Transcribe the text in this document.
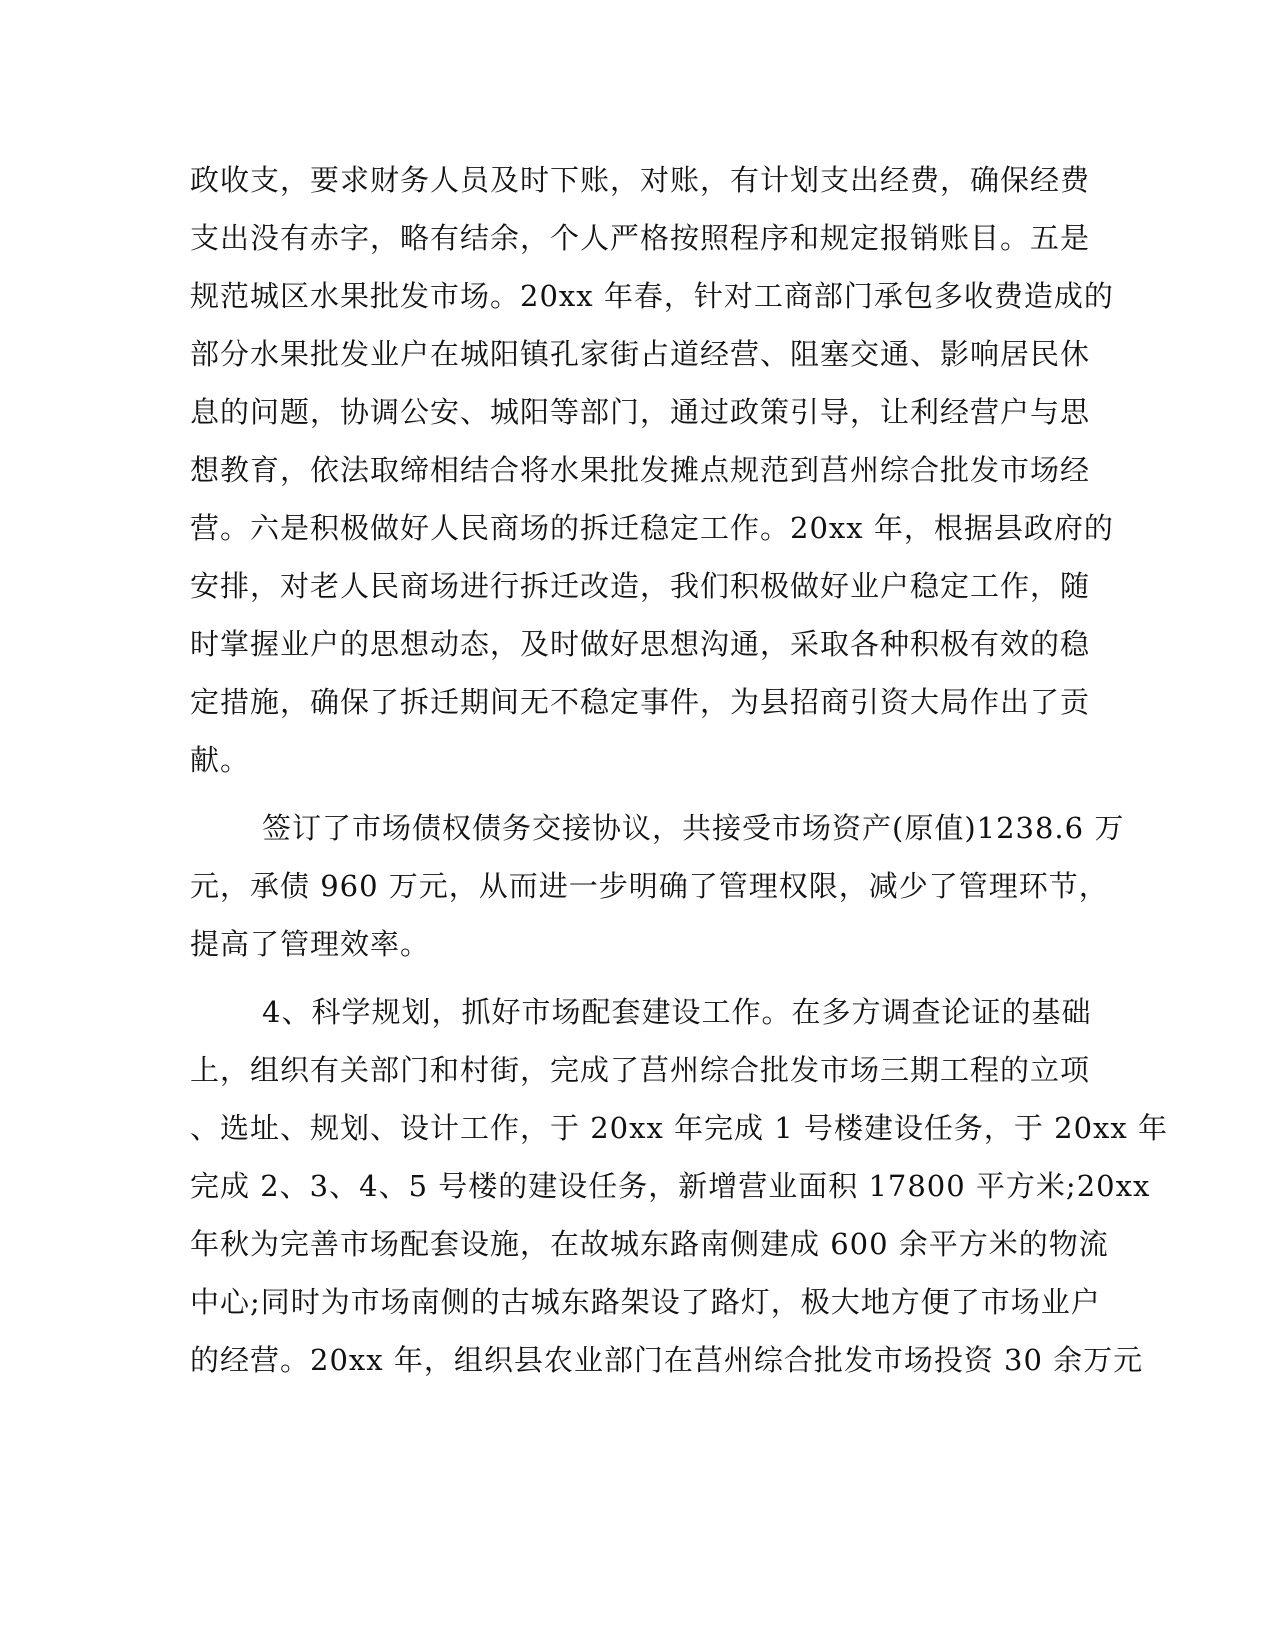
政收支，要求财务人员及时下账，对账，有计划支出经费，确保经费
支出没有赤字，略有结余，个人严格按照程序和规定报销账目。五是
规范城区水果批发市场。20xx 年春，针对工商部门承包多收费造成的
部分水果批发业户在城阳镇孔家街占道经营、阻塞交通、影响居民休
息的问题，协调公安、城阳等部门，通过政策引导，让利经营户与思
想教育，依法取缔相结合将水果批发摊点规范到莒州综合批发市场经
营。六是积极做好人民商场的拆迁稳定工作。20xx 年，根据县政府的
安排，对老人民商场进行拆迁改造，我们积极做好业户稳定工作，随
时掌握业户的思想动态，及时做好思想沟通，采取各种积极有效的稳
定措施，确保了拆迁期间无不稳定事件，为县招商引资大局作出了贡
献。
签订了市场债权债务交接协议，共接受市场资产(原值)1238.6 万
元，承债 960 万元，从而进一步明确了管理权限，减少了管理环节，
提高了管理效率。
4、科学规划，抓好市场配套建设工作。在多方调查论证的基础
上，组织有关部门和村街，完成了莒州综合批发市场三期工程的立项
、选址、规划、设计工作，于 20xx 年完成 1 号楼建设任务，于 20xx 年
完成 2、3、4、5 号楼的建设任务，新增营业面积 17800 平方米;20xx
年秋为完善市场配套设施，在故城东路南侧建成 600 余平方米的物流
中心;同时为市场南侧的古城东路架设了路灯，极大地方便了市场业户
的经营。20xx 年，组织县农业部门在莒州综合批发市场投资 30 余万元
